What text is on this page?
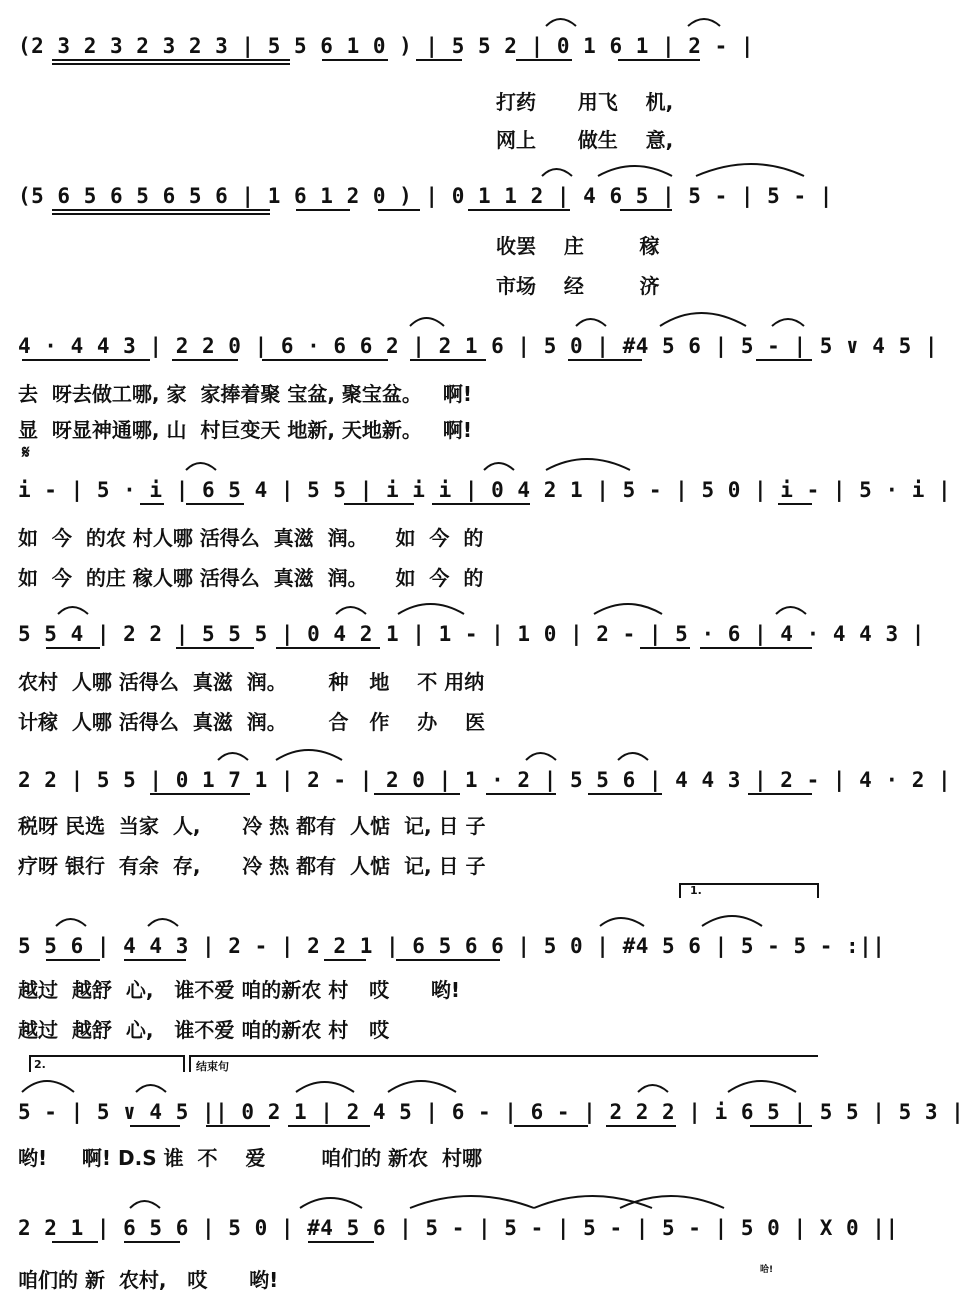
(2 3 2 3 2 3 2 3 | 5 5 6 1 0 ) | 5 5 2 | 0 1 6 1 | 2 - |
打药      用飞    机,
网上      做生    意,
(5 6 5 6 5 6 5 6 | 1 6 1 2 0 ) | 0 1 1 2 | 4 6 5 | 5 - | 5 - |
收罢    庄        稼
市场    经        济
4 · 4 4 3 | 2 2 0 | 6 · 6 6 2 | 2 1 6 | 5 0 | #4 5 6 | 5 - | 5 ∨ 4 5 |
去  呀去做工哪, 家  家捧着聚 宝盆, 聚宝盆。   啊!
显  呀显神通哪, 山  村巨变天 地新, 天地新。   啊!
𝄋
i - | 5 · i | 6 5 4 | 5 5 | i i i | 0 4 2 1 | 5 - | 5 0 | i - | 5 · i |
如  今  的农 村人哪 活得么  真滋  润。    如  今  的
如  今  的庄 稼人哪 活得么  真滋  润。    如  今  的
5 5 4 | 2 2 | 5 5 5 | 0 4 2 1 | 1 - | 1 0 | 2 - | 5 · 6 | 4 · 4 4 3 |
农村  人哪 活得么  真滋  润。      种   地    不 用纳
计稼  人哪 活得么  真滋  润。      合   作    办    医
2 2 | 5 5 | 0 1 7 1 | 2 - | 2 0 | 1 · 2 | 5 5 6 | 4 4 3 | 2 - | 4 · 2 |
税呀 民选  当家  人,      冷 热 都有  人惦  记, 日 子
疗呀 银行  有余  存,      冷 热 都有  人惦  记, 日 子
1.
5 5 6 | 4 4 3 | 2 - | 2 2 1 | 6 5 6 6 | 5 0 | #4 5 6 | 5 - 5 - :||
越过  越舒  心,   谁不爱 咱的新农 村   哎      哟!
越过  越舒  心,   谁不爱 咱的新农 村   哎
2.	结束句
5 - | 5 ∨ 4 5 || 0 2 1 | 2 4 5 | 6 - | 6 - | 2 2 2 | i 6 5 | 5 5 | 5 3 |
哟!     啊! D.S 谁  不    爱        咱们的 新农  村哪
2 2 1 | 6 5 6 | 5 0 | #4 5 6 | 5 - | 5 - | 5 - | 5 - | 5 0 | X 0 ||
咱们的 新  农村,   哎      哟!	哈!
